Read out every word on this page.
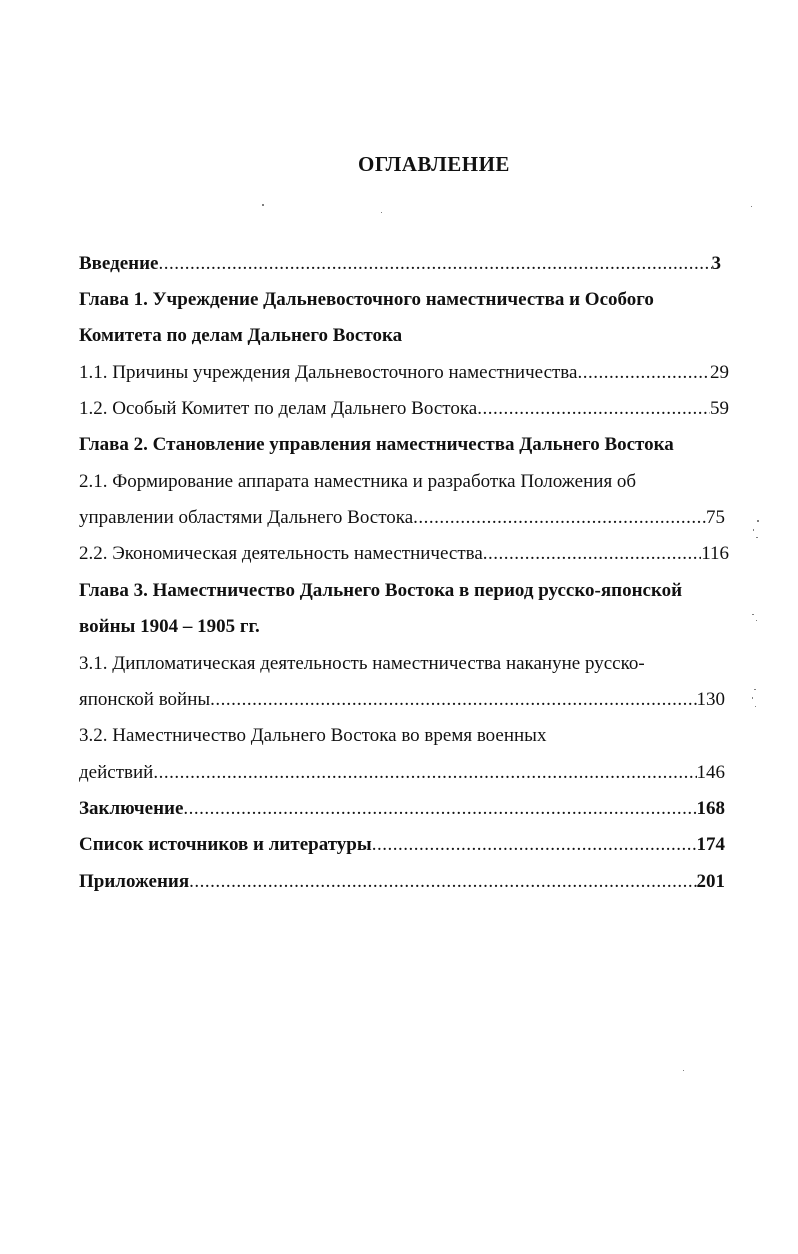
ОГЛАВЛЕНИЕ
Введение .....	3
Глава 1. Учреждение Дальневосточного наместничества и Особого
Комитета по делам Дальнего Востока
1.1. Причины учреждения Дальневосточного наместничества .....	29
1.2. Особый Комитет по делам Дальнего Востока .....	59
Глава 2. Становление управления наместничества Дальнего Востока
2.1. Формирование аппарата наместника и разработка Положения об
управлении областями Дальнего Востока .....	75
2.2. Экономическая деятельность наместничества .....	116
Глава 3. Наместничество Дальнего Востока в период русско-японской
войны 1904 – 1905 гг.
3.1. Дипломатическая деятельность наместничества накануне русско-
японской войны .....	130
3.2. Наместничество Дальнего Востока во время военных
действий .....	146
Заключение .....	168
Список источников и литературы .....	174
Приложения .....	201
